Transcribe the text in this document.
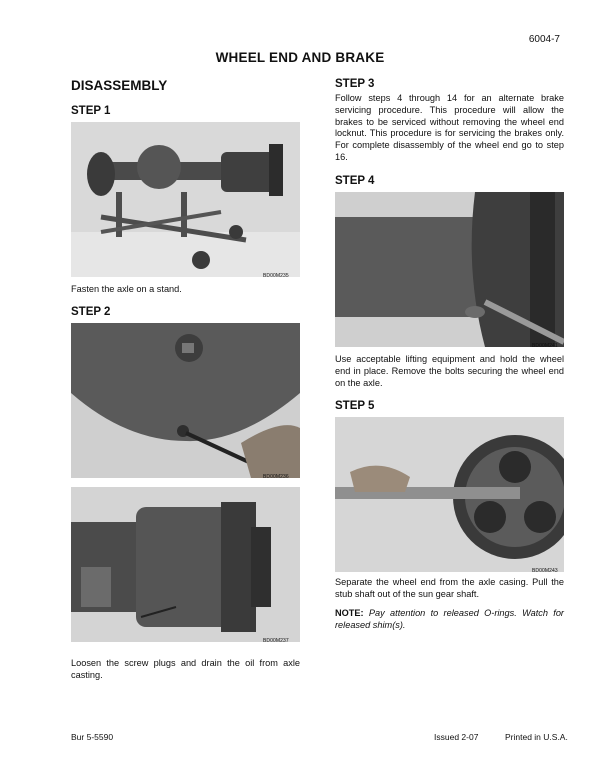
6004-7
WHEEL END AND BRAKE
DISASSEMBLY
STEP 1
BD00M235
Fasten the axle on a stand.
STEP 2
BD00M236
BD00M237
Loosen the screw plugs and drain the oil from axle casting.
STEP 3
Follow steps 4 through 14 for an alternate brake servicing procedure. This procedure will allow the brakes to be serviced without removing the wheel end locknut. This procedure is for servicing the brakes only. For complete disassembly of the wheel end go to step 16.
STEP 4
BD00M241
Use acceptable lifting equipment and hold the wheel end in place. Remove the bolts securing the wheel end on the axle.
STEP 5
BD00M243
Separate the wheel end from the axle casing. Pull the stub shaft out of the sun gear shaft.
NOTE: Pay attention to released O-rings. Watch for released shim(s).
Bur 5-5590	Issued 2-07	Printed in U.S.A.
